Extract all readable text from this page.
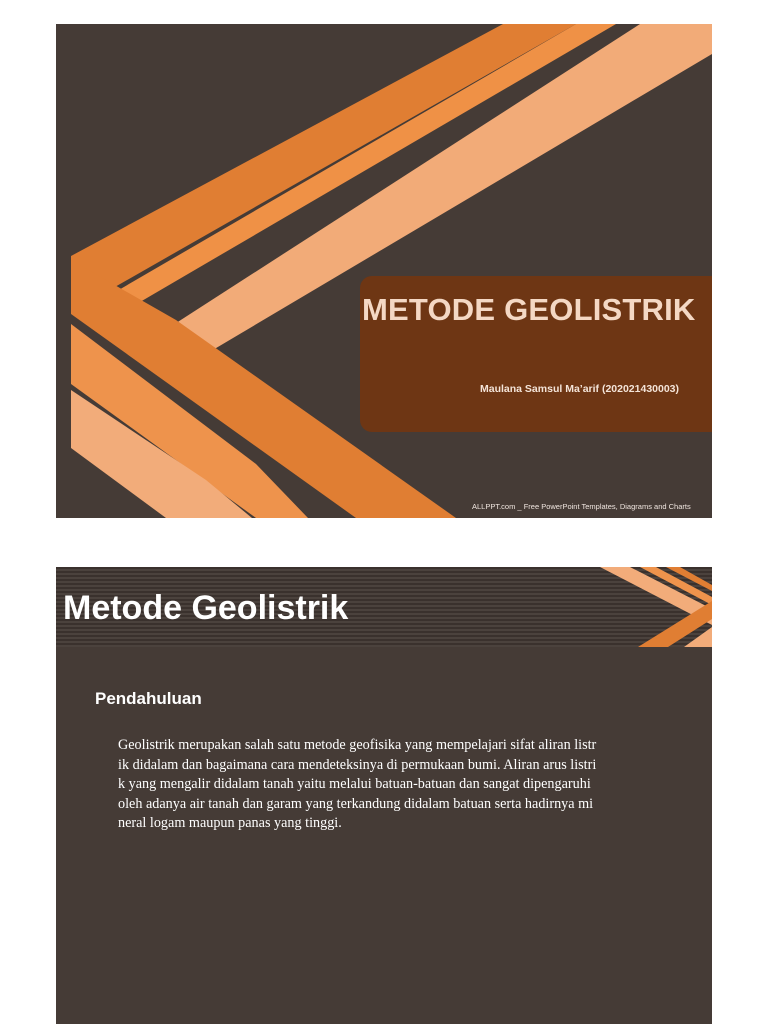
METODE GEOLISTRIK
Maulana Samsul Ma’arif (202021430003)
ALLPPT.com _ Free PowerPoint Templates, Diagrams and Charts
Metode Geolistrik
Pendahuluan
Geolistrik merupakan salah satu metode geofisika yang mempelajari sifat aliran listr
ik didalam dan bagaimana cara mendeteksinya di permukaan bumi. Aliran arus listri
k yang mengalir didalam tanah yaitu melalui batuan-batuan dan sangat dipengaruhi
oleh adanya air tanah dan garam yang terkandung didalam batuan serta hadirnya mi
neral logam maupun panas yang tinggi.
